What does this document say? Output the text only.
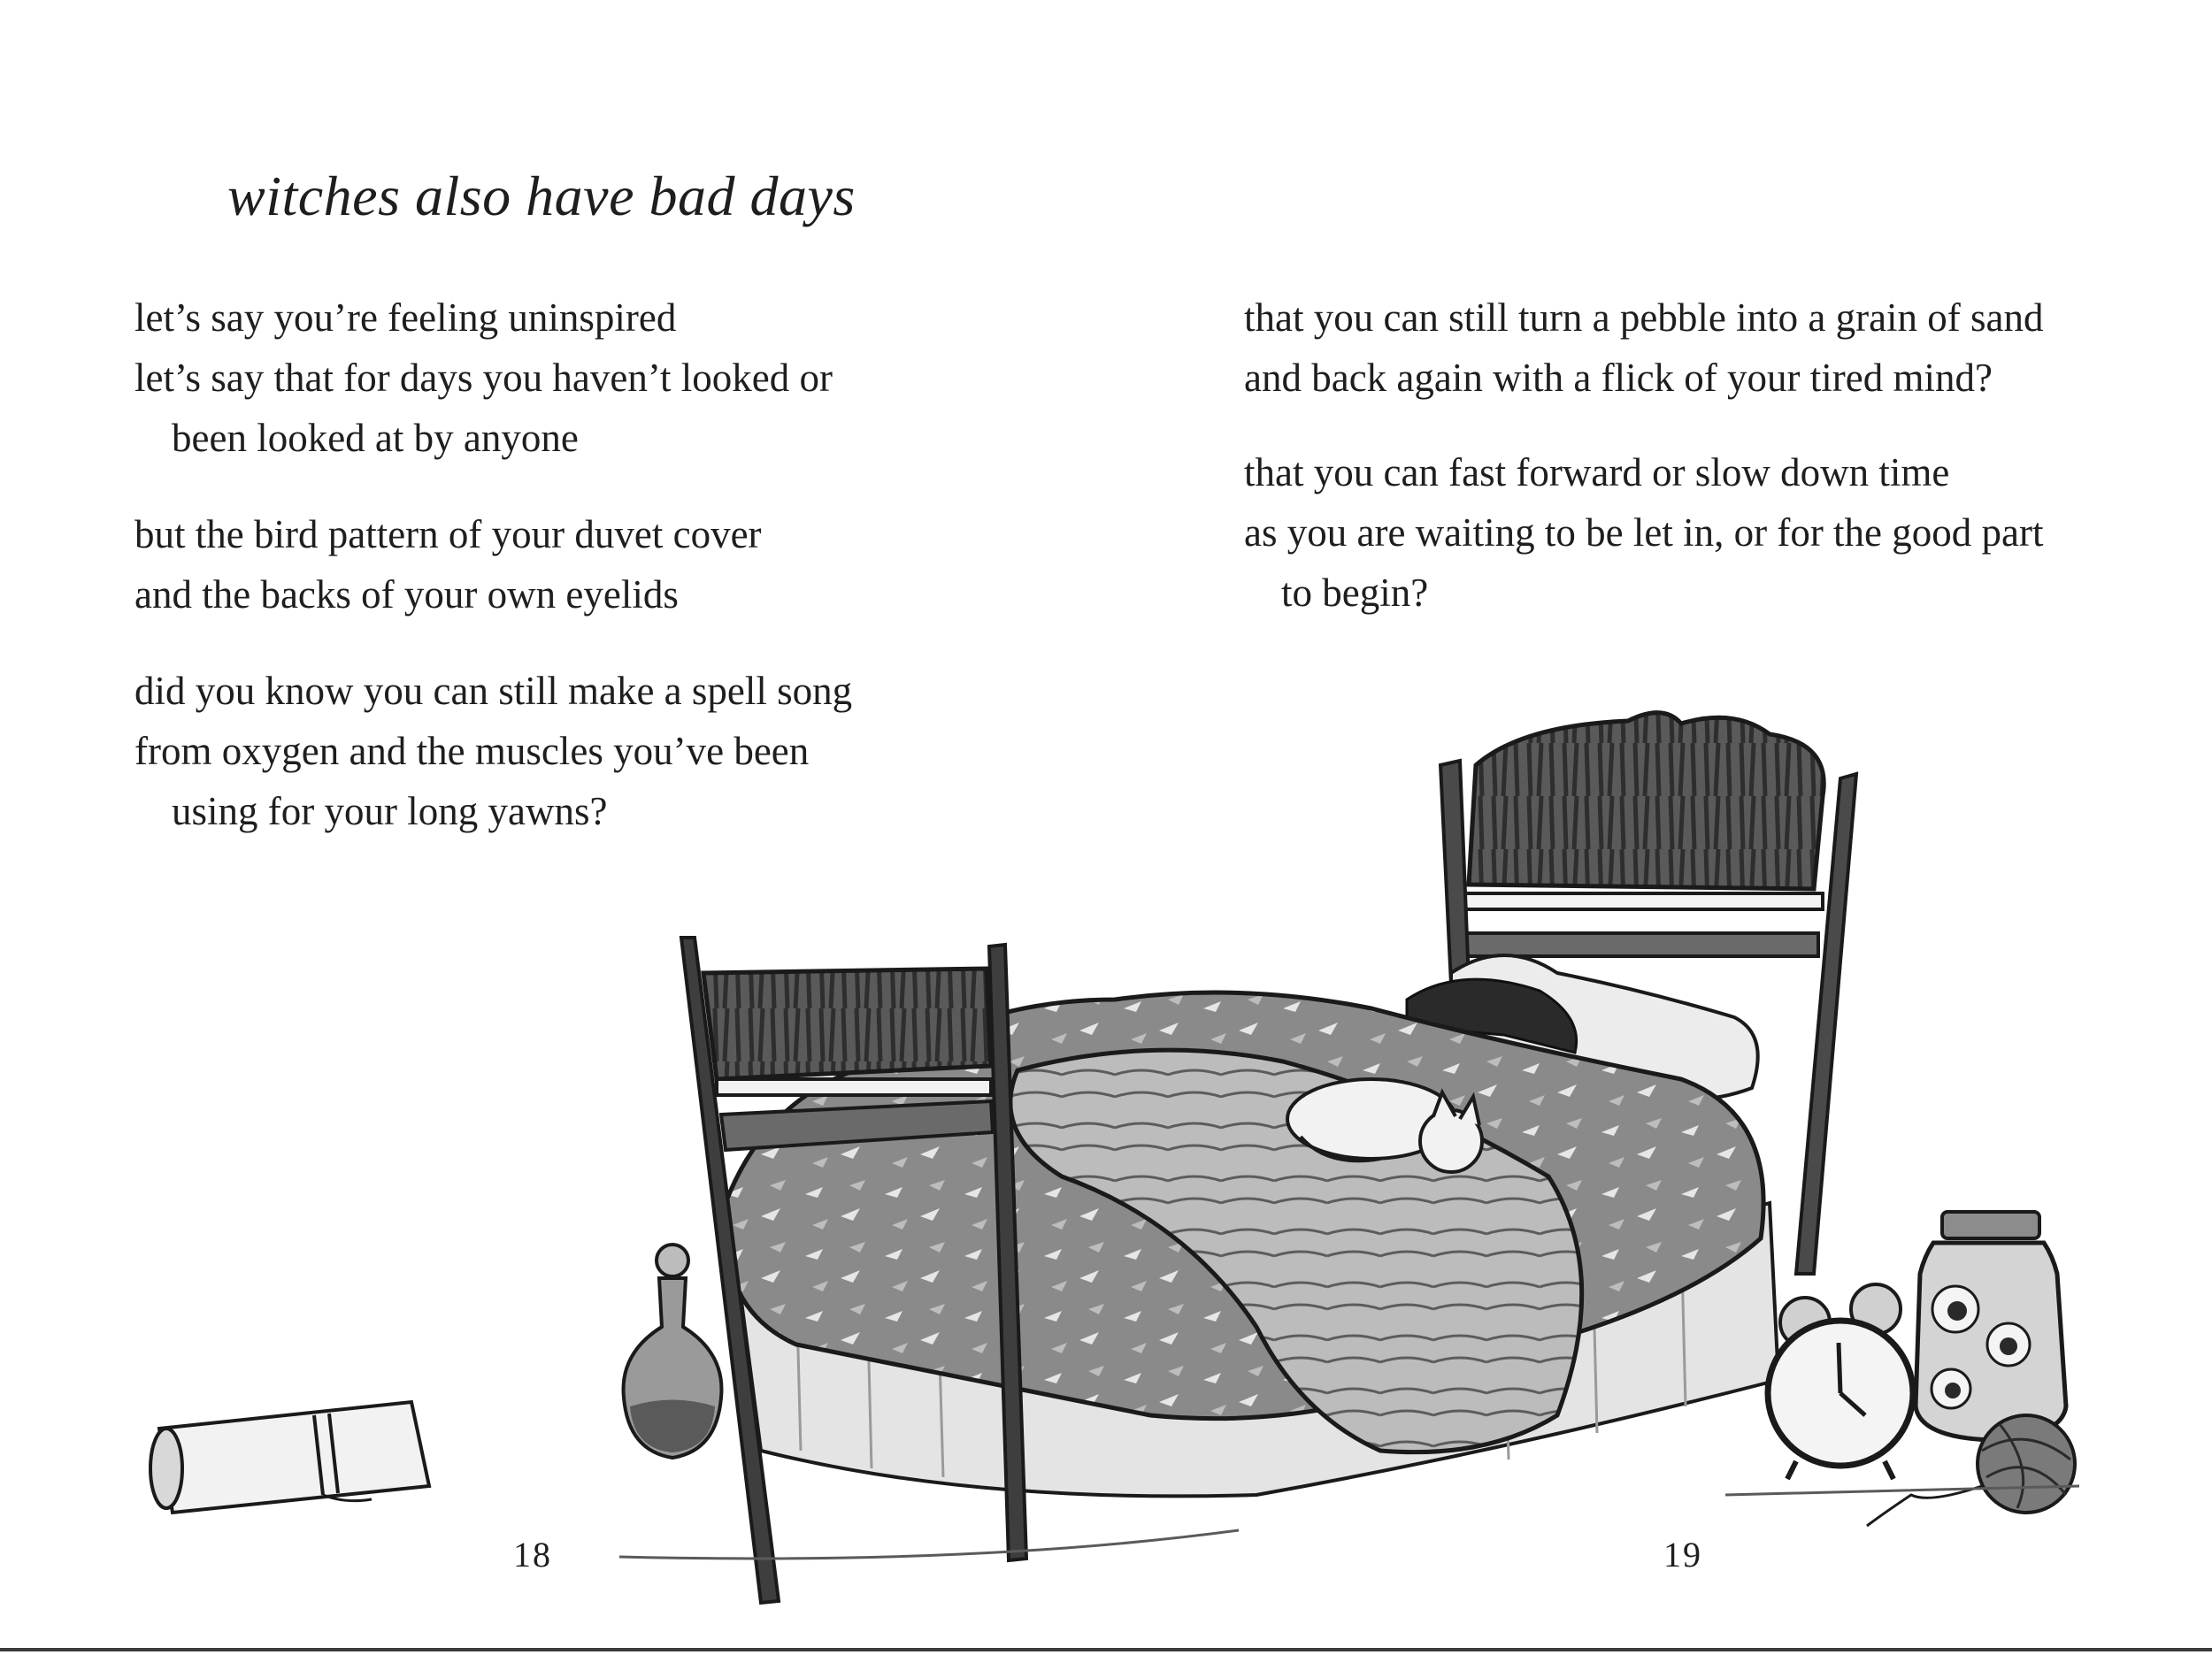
witches also have bad days
let’s say you’re feeling uninspired
let’s say that for days you haven’t looked or
been looked at by anyone
but the bird pattern of your duvet cover
and the backs of your own eyelids
did you know you can still make a spell song
from oxygen and the muscles you’ve been
using for your long yawns?
18
that you can still turn a pebble into a grain of sand
and back again with a flick of your tired mind?
that you can fast forward or slow down time
as you are waiting to be let in, or for the good part
to begin?
19
